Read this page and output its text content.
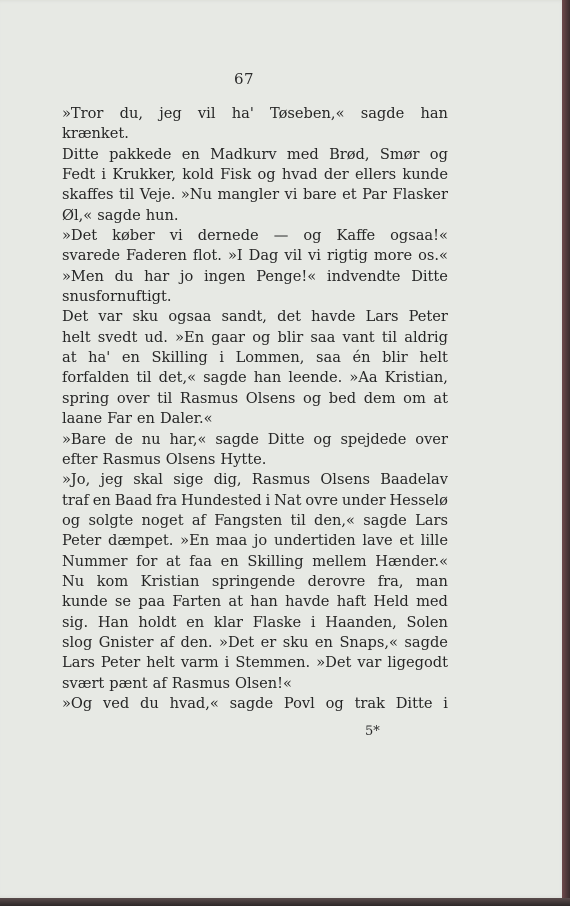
67
»Tror du, jeg vil ha' Tøseben,« sagde han
krænket.
Ditte pakkede en Madkurv med Brød, Smør og
Fedt i Krukker, kold Fisk og hvad der ellers kunde
skaffes til Veje. »Nu mangler vi bare et Par Flasker
Øl,« sagde hun.
»Det køber vi dernede — og Kaffe ogsaa!«
svarede Faderen flot. »I Dag vil vi rigtig more os.«
»Men du har jo ingen Penge!« indvendte Ditte
snusfornuftigt.
Det var sku ogsaa sandt, det havde Lars Peter
helt svedt ud. »En gaar og blir saa vant til aldrig
at ha' en Skilling i Lommen, saa én blir helt
forfalden til det,« sagde han leende. »Aa Kristian,
spring over til Rasmus Olsens og bed dem om at
laane Far en Daler.«
»Bare de nu har,« sagde Ditte og spejdede over
efter Rasmus Olsens Hytte.
»Jo, jeg skal sige dig, Rasmus Olsens Baadelav
traf en Baad fra Hundested i Nat ovre under Hesselø
og solgte noget af Fangsten til den,« sagde Lars
Peter dæmpet. »En maa jo undertiden lave et lille
Nummer for at faa en Skilling mellem Hænder.«
Nu kom Kristian springende derovre fra, man
kunde se paa Farten at han havde haft Held med
sig. Han holdt en klar Flaske i Haanden, Solen
slog Gnister af den. »Det er sku en Snaps,« sagde
Lars Peter helt varm i Stemmen. »Det var ligegodt
svært pænt af Rasmus Olsen!«
»Og ved du hvad,« sagde Povl og trak Ditte i
5*
